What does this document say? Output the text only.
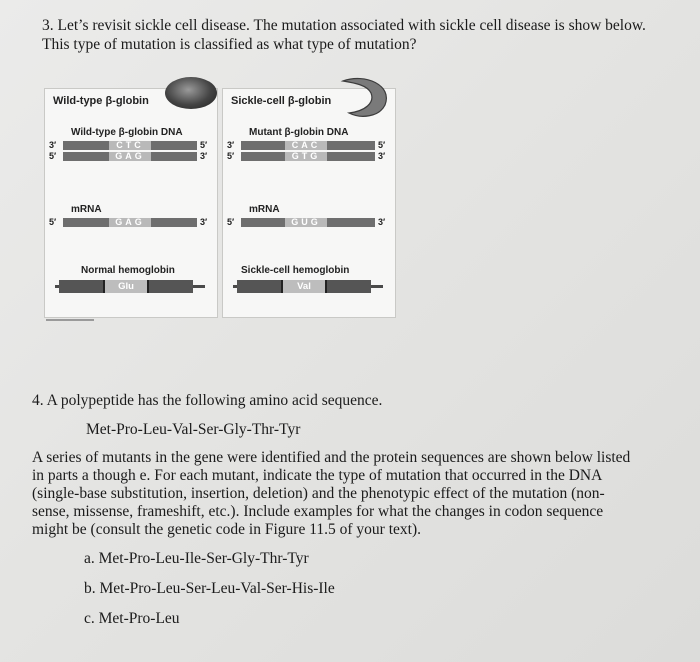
3. Let’s revisit sickle cell disease. The mutation associated with sickle cell disease is show below.
This type of mutation is classified as what type of mutation?
Wild-type β-globin
Wild-type β-globin DNA
3′
5′
CTC
GAG
5′
3′
mRNA
5′	GAG	3′
Normal hemoglobin
Glu
Sickle-cell β-globin
Mutant β-globin DNA
3′
5′
CAC
GTG
5′
3′
mRNA
5′	GUG	3′
Sickle-cell hemoglobin
Val
4. A polypeptide has the following amino acid sequence.
Met-Pro-Leu-Val-Ser-Gly-Thr-Tyr
A series of mutants in the gene were identified and the protein sequences are shown below listed
in parts a though e. For each mutant, indicate the type of mutation that occurred in the DNA
(single-base substitution, insertion, deletion) and the phenotypic effect of the mutation (non-
sense, missense, frameshift, etc.). Include examples for what the changes in codon sequence
might be (consult the genetic code in Figure 11.5 of your text).
a. Met-Pro-Leu-Ile-Ser-Gly-Thr-Tyr
b. Met-Pro-Leu-Ser-Leu-Val-Ser-His-Ile
c. Met-Pro-Leu
